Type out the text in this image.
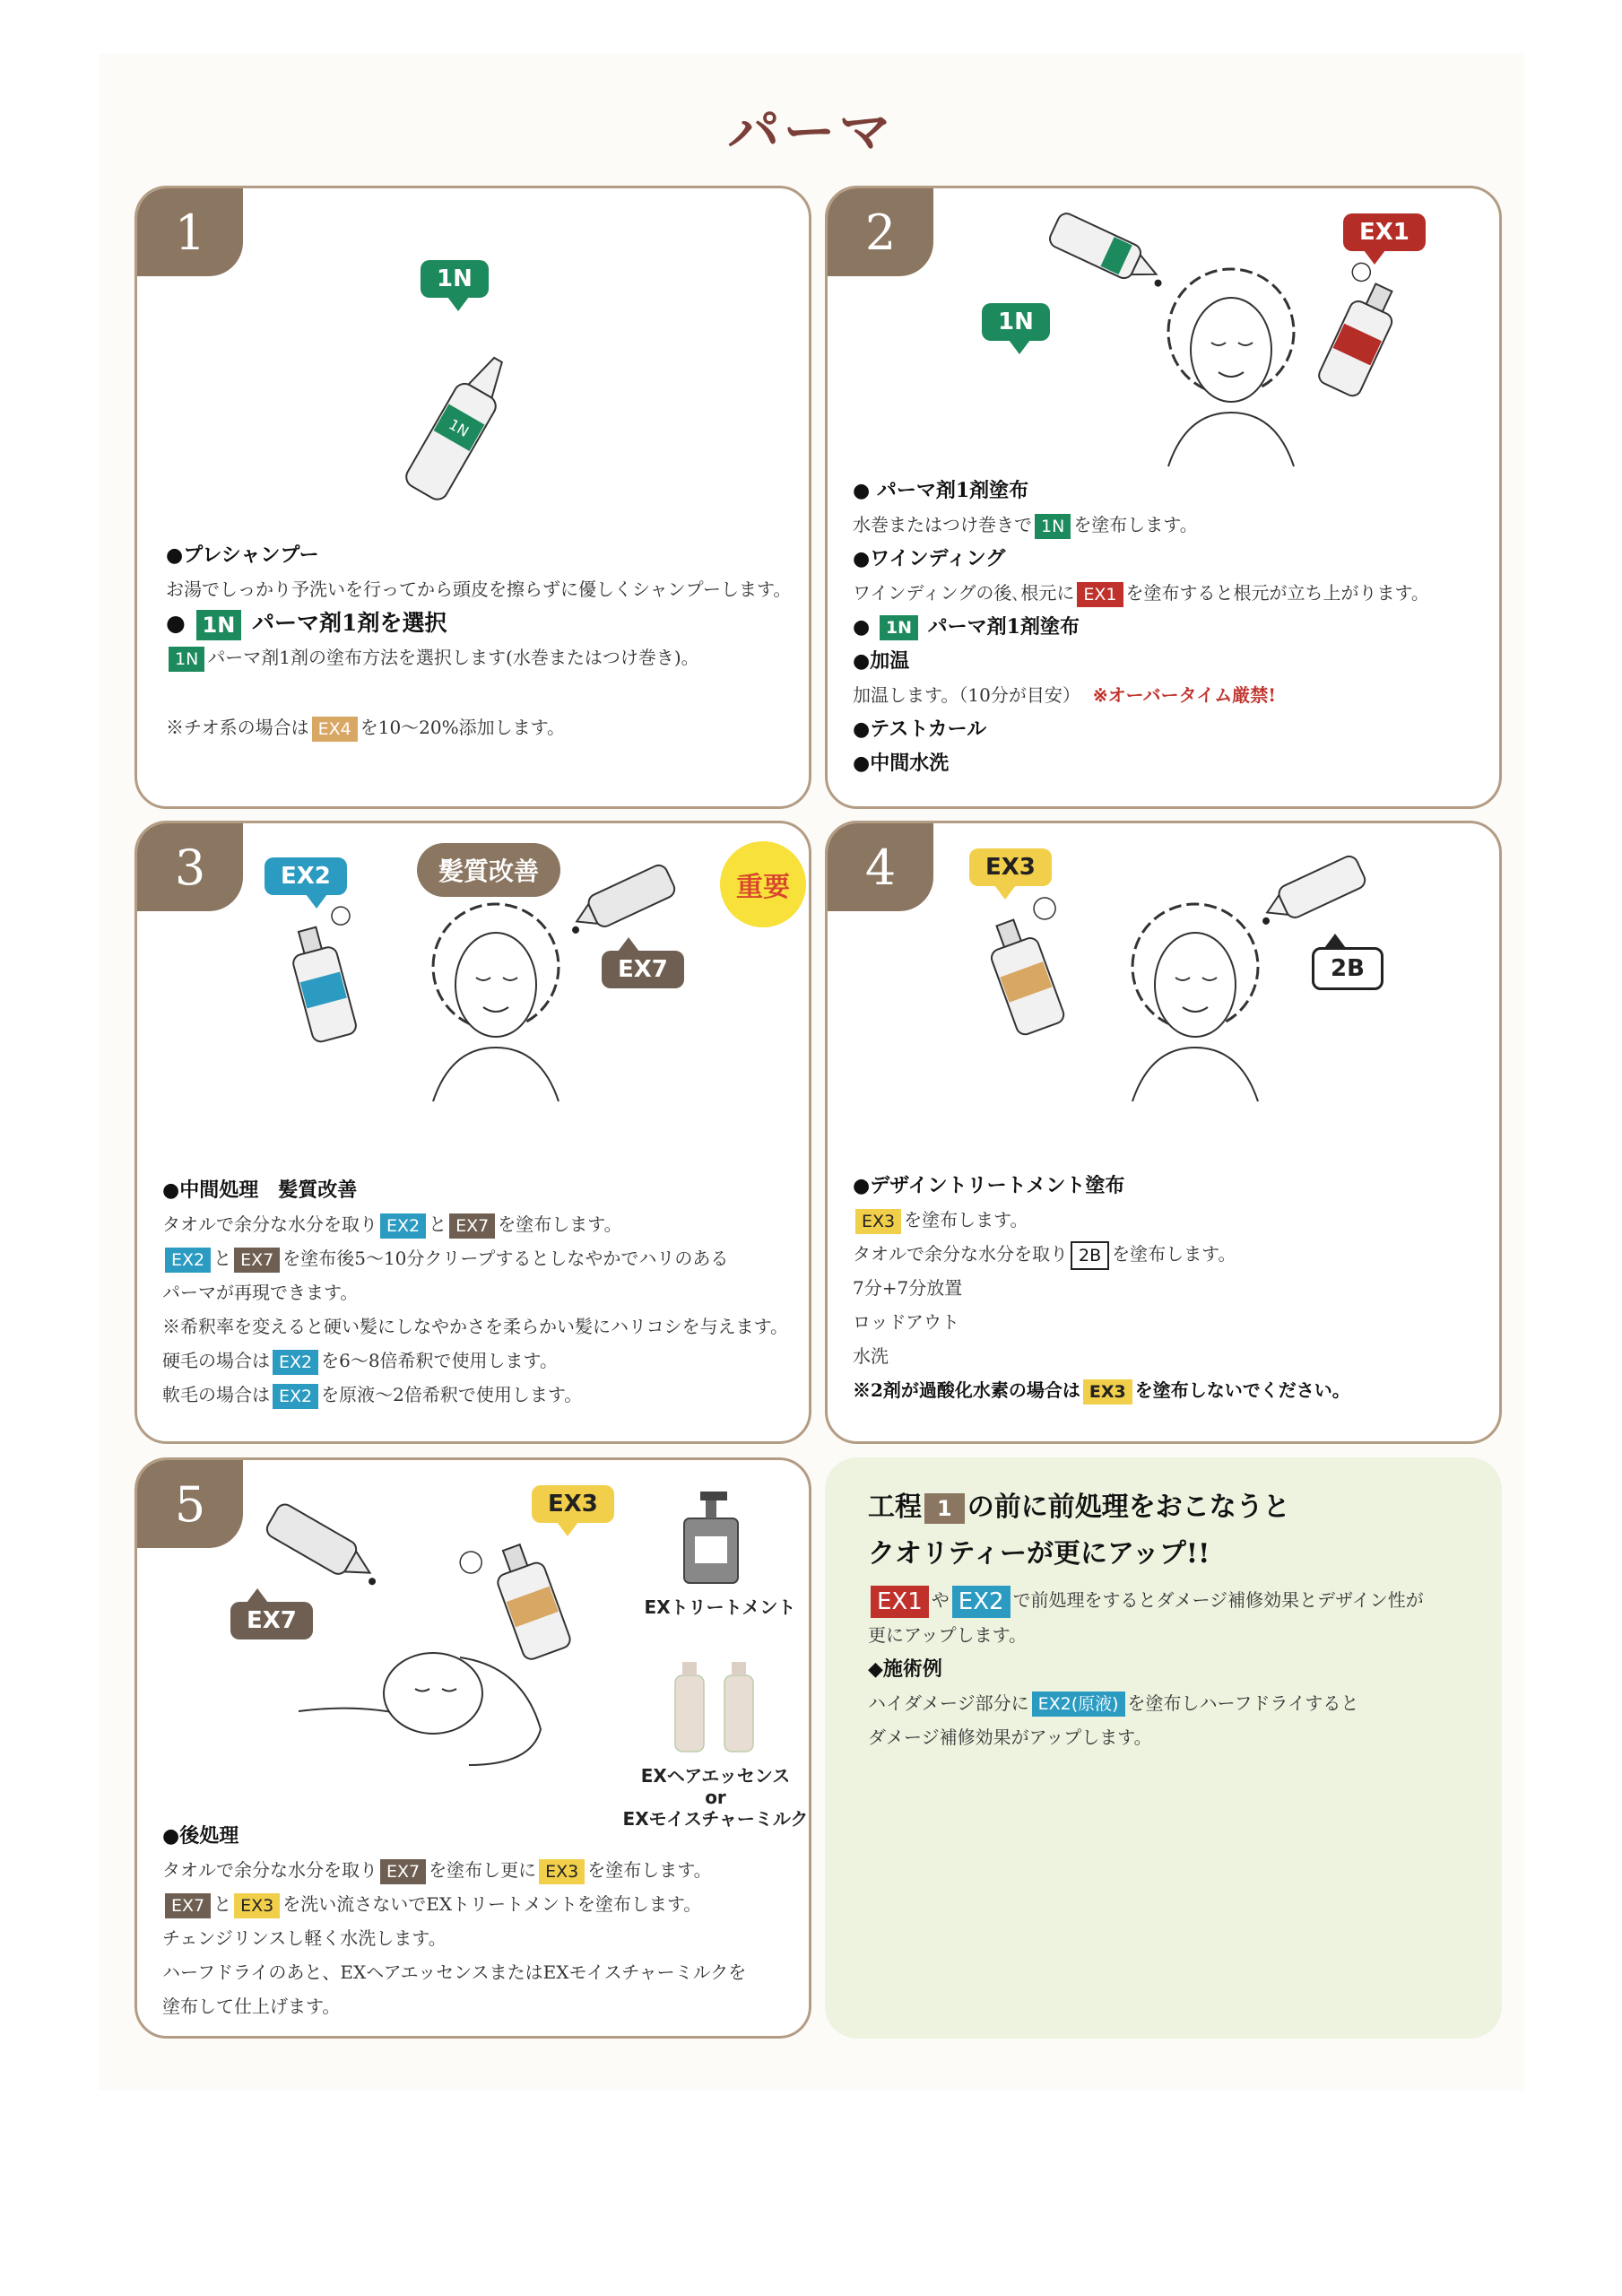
パーマ
1
1N
1N
●プレシャンプー
お湯でしっかり予洗いを行ってから頭皮を擦らずに優しくシャンプーします。
● 1N パーマ剤1剤を選択
1N パーマ剤1剤の塗布方法を選択します(水巻またはつけ巻き)。
※チオ系の場合は EX4 を10〜20%添加します。
2
1N
EX1
● パーマ剤1剤塗布
水巻またはつけ巻きで 1N を塗布します。
●ワインディング
ワインディングの後､根元に EX1 を塗布すると根元が立ち上がります。
● 1N パーマ剤1剤塗布
●加温
加温します。（10分が目安） ※オーバータイム厳禁!
●テストカール
●中間水洗
3	EX2	髪質改善
重要
EX7
●中間処理　髪質改善
タオルで余分な水分を取り EX2 と EX7 を塗布します。
EX2 と EX7 を塗布後5〜10分クリープするとしなやかでハリのある
パーマが再現できます。
※希釈率を変えると硬い髪にしなやかさを柔らかい髪にハリコシを与えます。
硬毛の場合は EX2 を6〜8倍希釈で使用します。
軟毛の場合は EX2 を原液〜2倍希釈で使用します。
4	EX3
2B
●デザイントリートメント塗布
EX3 を塗布します。
タオルで余分な水分を取り 2B を塗布します。
7分+7分放置
ロッドアウト
水洗
※2剤が過酸化水素の場合は EX3 を塗布しないでください。
5
EX7
EX3
EXトリートメント
EXヘアエッセンス
or
EXモイスチャーミルク
●後処理
タオルで余分な水分を取り EX7 を塗布し更に EX3 を塗布します。
EX7 と EX3 を洗い流さないでEXトリートメントを塗布します。
チェンジリンスし軽く水洗します。
ハーフドライのあと、EXヘアエッセンスまたはEXモイスチャーミルクを
塗布して仕上げます。
工程 1 の前に前処理をおこなうと
クオリティーが更にアップ!!
EX1 や EX2 で前処理をするとダメージ補修効果とデザイン性が
更にアップします。
◆施術例
ハイダメージ部分に EX2(原液) を塗布しハーフドライすると
ダメージ補修効果がアップします。
